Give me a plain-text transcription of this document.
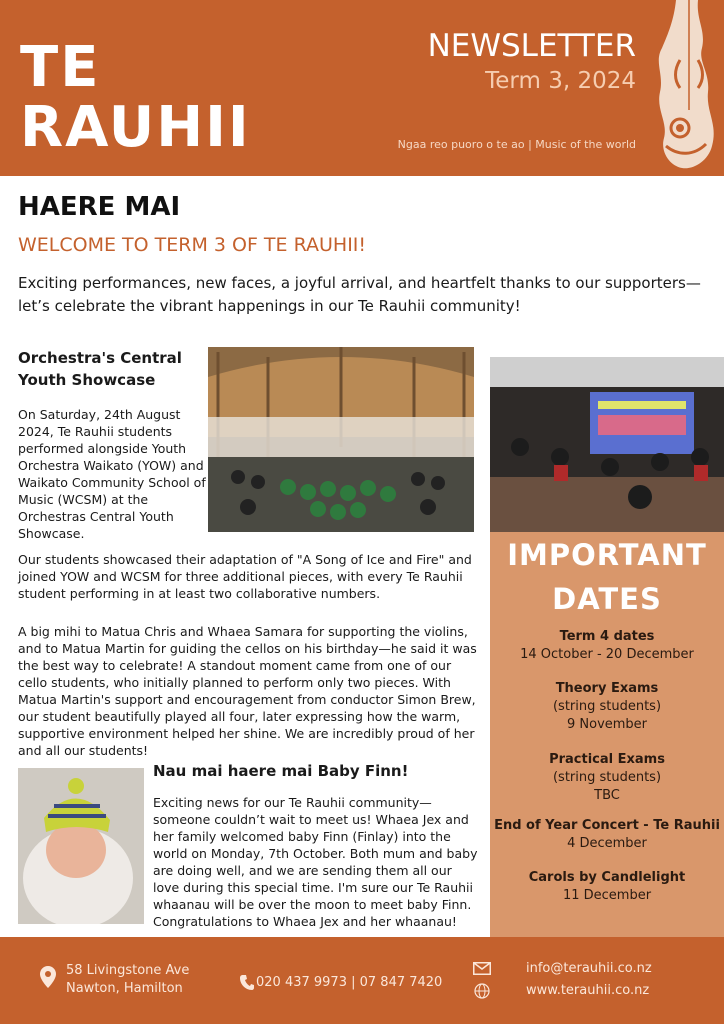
TE
RAUHII
NEWSLETTER
Term 3, 2024
Ngaa reo puoro o te ao | Music of the world
HAERE MAI
WELCOME TO TERM 3 OF TE RAUHII!
Exciting performances, new faces, a joyful arrival, and heartfelt thanks to our supporters—let’s celebrate the vibrant happenings in our Te Rauhii community!
Orchestra's Central Youth Showcase
On Saturday, 24th August 2024, Te Rauhii students performed alongside Youth Orchestra Waikato (YOW) and Waikato Community School of Music (WCSM) at the Orchestras Central Youth Showcase.
Our students showcased their adaptation of "A Song of Ice and Fire" and joined YOW and WCSM for three additional pieces, with every Te Rauhii student performing in at least two collaborative numbers.
A big mihi to Matua Chris and Whaea Samara for supporting the violins, and to Matua Martin for guiding the cellos on his birthday—he said it was the best way to celebrate! A standout moment came from one of our cello students, who initially planned to perform only two pieces. With Matua Martin's support and encouragement from conductor Simon Brew, our student beautifully played all four, later expressing how the warm, supportive environment helped her shine. We are incredibly proud of her and all our students!
Nau mai haere mai Baby Finn!
Exciting news for our Te Rauhii community—someone couldn’t wait to meet us! Whaea Jex and her family welcomed baby Finn (Finlay) into the world on Monday, 7th October. Both mum and baby are doing well, and we are sending them all our love during this special time. I'm sure our Te Rauhii whaanau will be over the moon to meet baby Finn. Congratulations to Whaea Jex and her whaanau!
IMPORTANT
DATES
Term 4 dates
14 October - 20 December
Theory Exams
(string students)
9 November
Practical Exams
(string students)
TBC
End of Year Concert - Te Rauhii
4 December
Carols by Candlelight
11 December
58 Livingstone Ave
Nawton, Hamilton	020 437 9973 | 07 847 7420
info@terauhii.co.nz
www.terauhii.co.nz
